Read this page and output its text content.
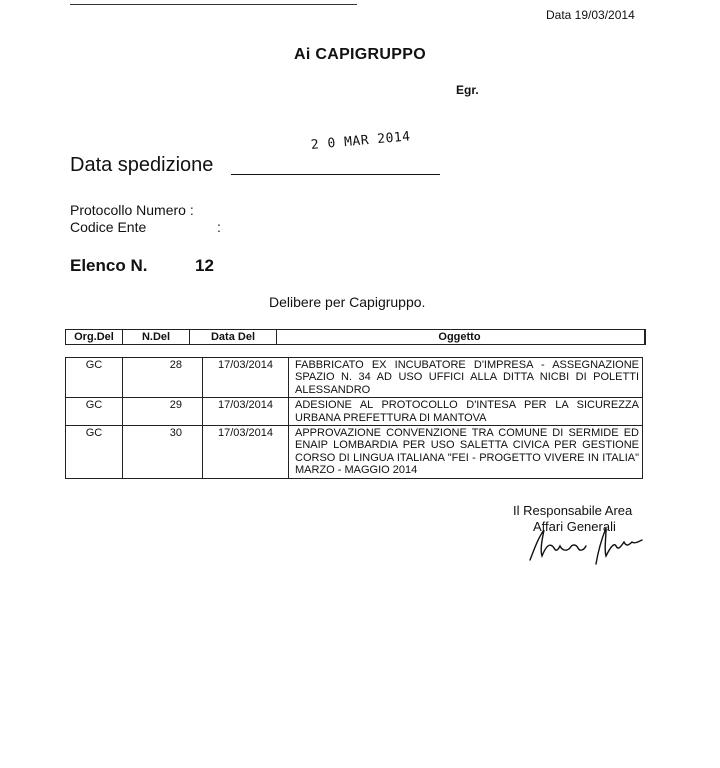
Data 19/03/2014
Ai CAPIGRUPPO
Egr.
2 0 MAR 2014
Data spedizione
Protocollo Numero :
Codice Ente	:
Elenco N.	12
Delibere per Capigruppo.
Org.Del	N.Del	Data Del	Oggetto
GC	28	17/03/2014	FABBRICATO EX INCUBATORE D'IMPRESA - ASSEGNAZIONE SPAZIO N. 34 AD USO UFFICI ALLA DITTA NICBI DI POLETTI ALESSANDRO
GC	29	17/03/2014	ADESIONE AL PROTOCOLLO D'INTESA PER LA SICUREZZA URBANA PREFETTURA DI MANTOVA
GC	30	17/03/2014	APPROVAZIONE CONVENZIONE TRA COMUNE DI SERMIDE ED ENAIP LOMBARDIA PER USO SALETTA CIVICA PER GESTIONE CORSO DI LINGUA ITALIANA "FEI - PROGETTO VIVERE IN ITALIA" MARZO - MAGGIO 2014
Il Responsabile Area
Affari Generali
